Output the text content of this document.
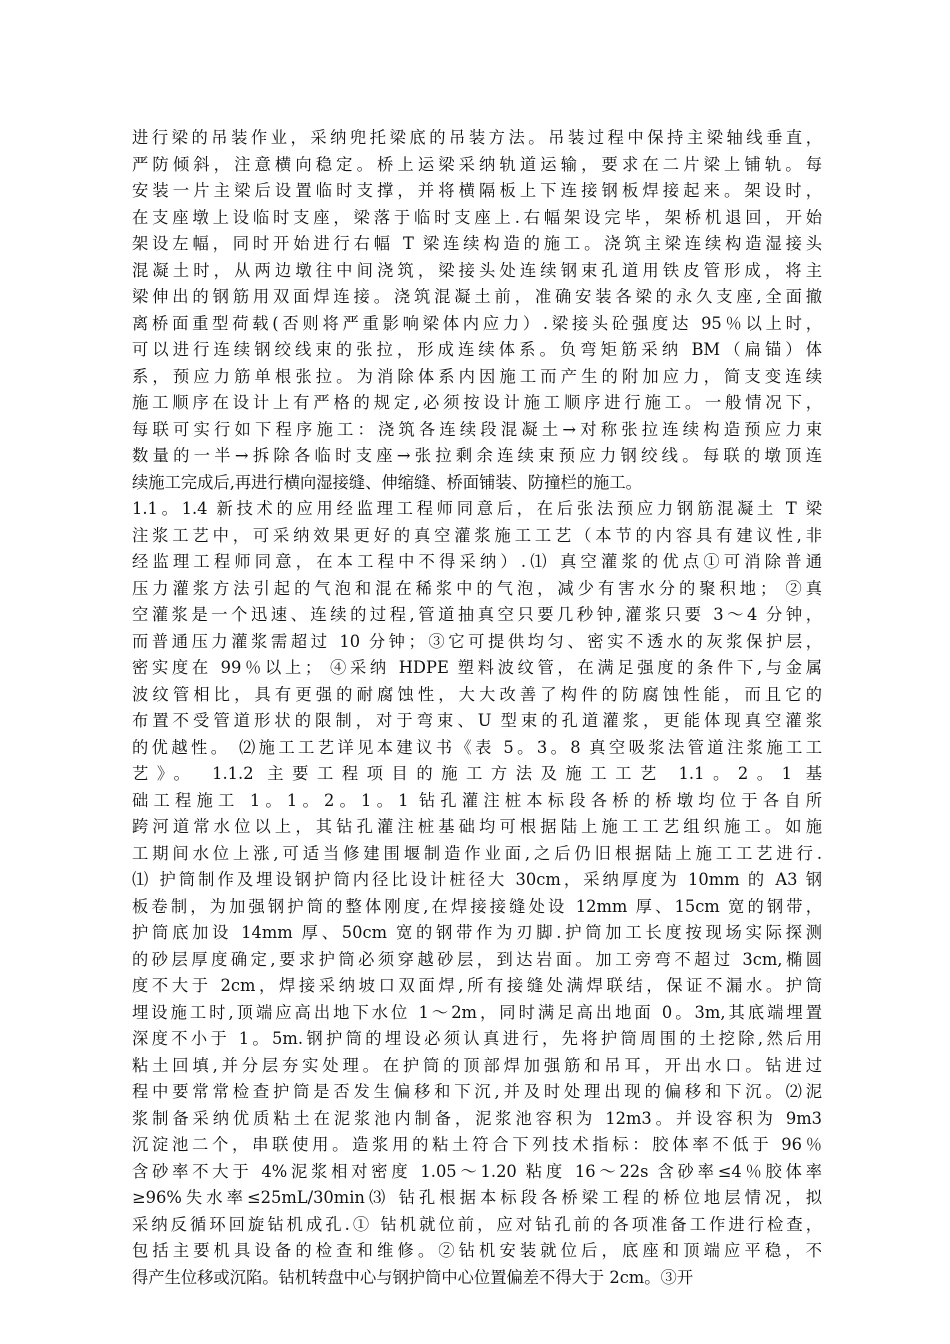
进行梁的吊装作业，采纳兜托梁底的吊装方法。吊装过程中保持主梁轴线垂直，
严防倾斜，注意横向稳定。桥上运梁采纳轨道运输，要求在二片梁上铺轨。每
安装一片主梁后设置临时支撑，并将横隔板上下连接钢板焊接起来。架设时，
在支座墩上设临时支座，梁落于临时支座上.右幅架设完毕，架桥机退回，开始
架设左幅，同时开始进行右幅 T 梁连续构造的施工。浇筑主梁连续构造湿接头
混凝土时，从两边墩往中间浇筑，梁接头处连续钢束孔道用铁皮管形成，将主
梁伸出的钢筋用双面焊连接。浇筑混凝土前，准确安装各梁的永久支座,全面撤
离桥面重型荷载(否则将严重影响梁体内应力）.梁接头砼强度达 95％以上时，
可以进行连续钢绞线束的张拉，形成连续体系。负弯矩筋采纳 BM（扁锚）体
系，预应力筋单根张拉。为消除体系内因施工而产生的附加应力，简支变连续
施工顺序在设计上有严格的规定,必须按设计施工顺序进行施工。一般情况下，
每联可实行如下程序施工：浇筑各连续段混凝土→对称张拉连续构造预应力束
数量的一半→拆除各临时支座→张拉剩余连续束预应力钢绞线。每联的墩顶连
续施工完成后,再进行横向湿接缝、伸缩缝、桥面铺装、防撞栏的施工。
1.1。1.4 新技术的应用经监理工程师同意后，在后张法预应力钢筋混凝土 T 梁
注浆工艺中，可采纳效果更好的真空灌浆施工工艺（本节的内容具有建议性,非
经监理工程师同意，在本工程中不得采纳）.⑴ 真空灌浆的优点①可消除普通
压力灌浆方法引起的气泡和混在稀浆中的气泡，减少有害水分的聚积地； ②真
空灌浆是一个迅速、连续的过程,管道抽真空只要几秒钟,灌浆只要 3～4 分钟，
而普通压力灌浆需超过 10 分钟；③它可提供均匀、密实不透水的灰浆保护层，
密实度在 99％以上； ④采纳 HDPE 塑料波纹管，在满足强度的条件下,与金属
波纹管相比，具有更强的耐腐蚀性，大大改善了构件的防腐蚀性能，而且它的
布置不受管道形状的限制，对于弯束、U 型束的孔道灌浆，更能体现真空灌浆
的优越性。 ⑵施工工艺详见本建议书《表 5。3。8 真空吸浆法管道注浆施工工
艺》。 1.1.2 主要工程项目的施工方法及施工工艺 1.1。2。1 基
础工程施工 1。1。2。1。1 钻孔灌注桩本标段各桥的桥墩均位于各自所
跨河道常水位以上，其钻孔灌注桩基础均可根据陆上施工工艺组织施工。如施
工期间水位上涨,可适当修建围堰制造作业面,之后仍旧根据陆上施工工艺进行.
⑴ 护筒制作及埋设钢护筒内径比设计桩径大 30cm，采纳厚度为 10mm 的 A3 钢
板卷制，为加强钢护筒的整体刚度,在焊接接缝处设 12mm 厚、15cm 宽的钢带，
护筒底加设 14mm 厚、50cm 宽的钢带作为刃脚.护筒加工长度按现场实际探测
的砂层厚度确定,要求护筒必须穿越砂层，到达岩面。加工旁弯不超过 3cm,椭圆
度不大于 2cm，焊接采纳坡口双面焊,所有接缝处满焊联结，保证不漏水。护筒
埋设施工时,顶端应高出地下水位 1～2m，同时满足高出地面 0。3m,其底端埋置
深度不小于 1。5m.钢护筒的埋设必须认真进行，先将护筒周围的土挖除,然后用
粘土回填,并分层夯实处理。在护筒的顶部焊加强筋和吊耳，开出水口。钻进过
程中要常常检查护筒是否发生偏移和下沉,并及时处理出现的偏移和下沉。⑵泥
浆制备采纳优质粘土在泥浆池内制备，泥浆池容积为 12m3。并设容积为 9m3
沉淀池二个，串联使用。造浆用的粘土符合下列技术指标：胶体率不低于 96％
含砂率不大于 4%泥浆相对密度 1.05～1.20 粘度 16～22s 含砂率≤4％胶体率
≥96%失水率≤25mL/30min⑶ 钻孔根据本标段各桥梁工程的桥位地层情况，拟
采纳反循环回旋钻机成孔.① 钻机就位前，应对钻孔前的各项准备工作进行检查，
包括主要机具设备的检查和维修。②钻机安装就位后，底座和顶端应平稳，不
得产生位移或沉陷。钻机转盘中心与钢护筒中心位置偏差不得大于 2cm。③开
